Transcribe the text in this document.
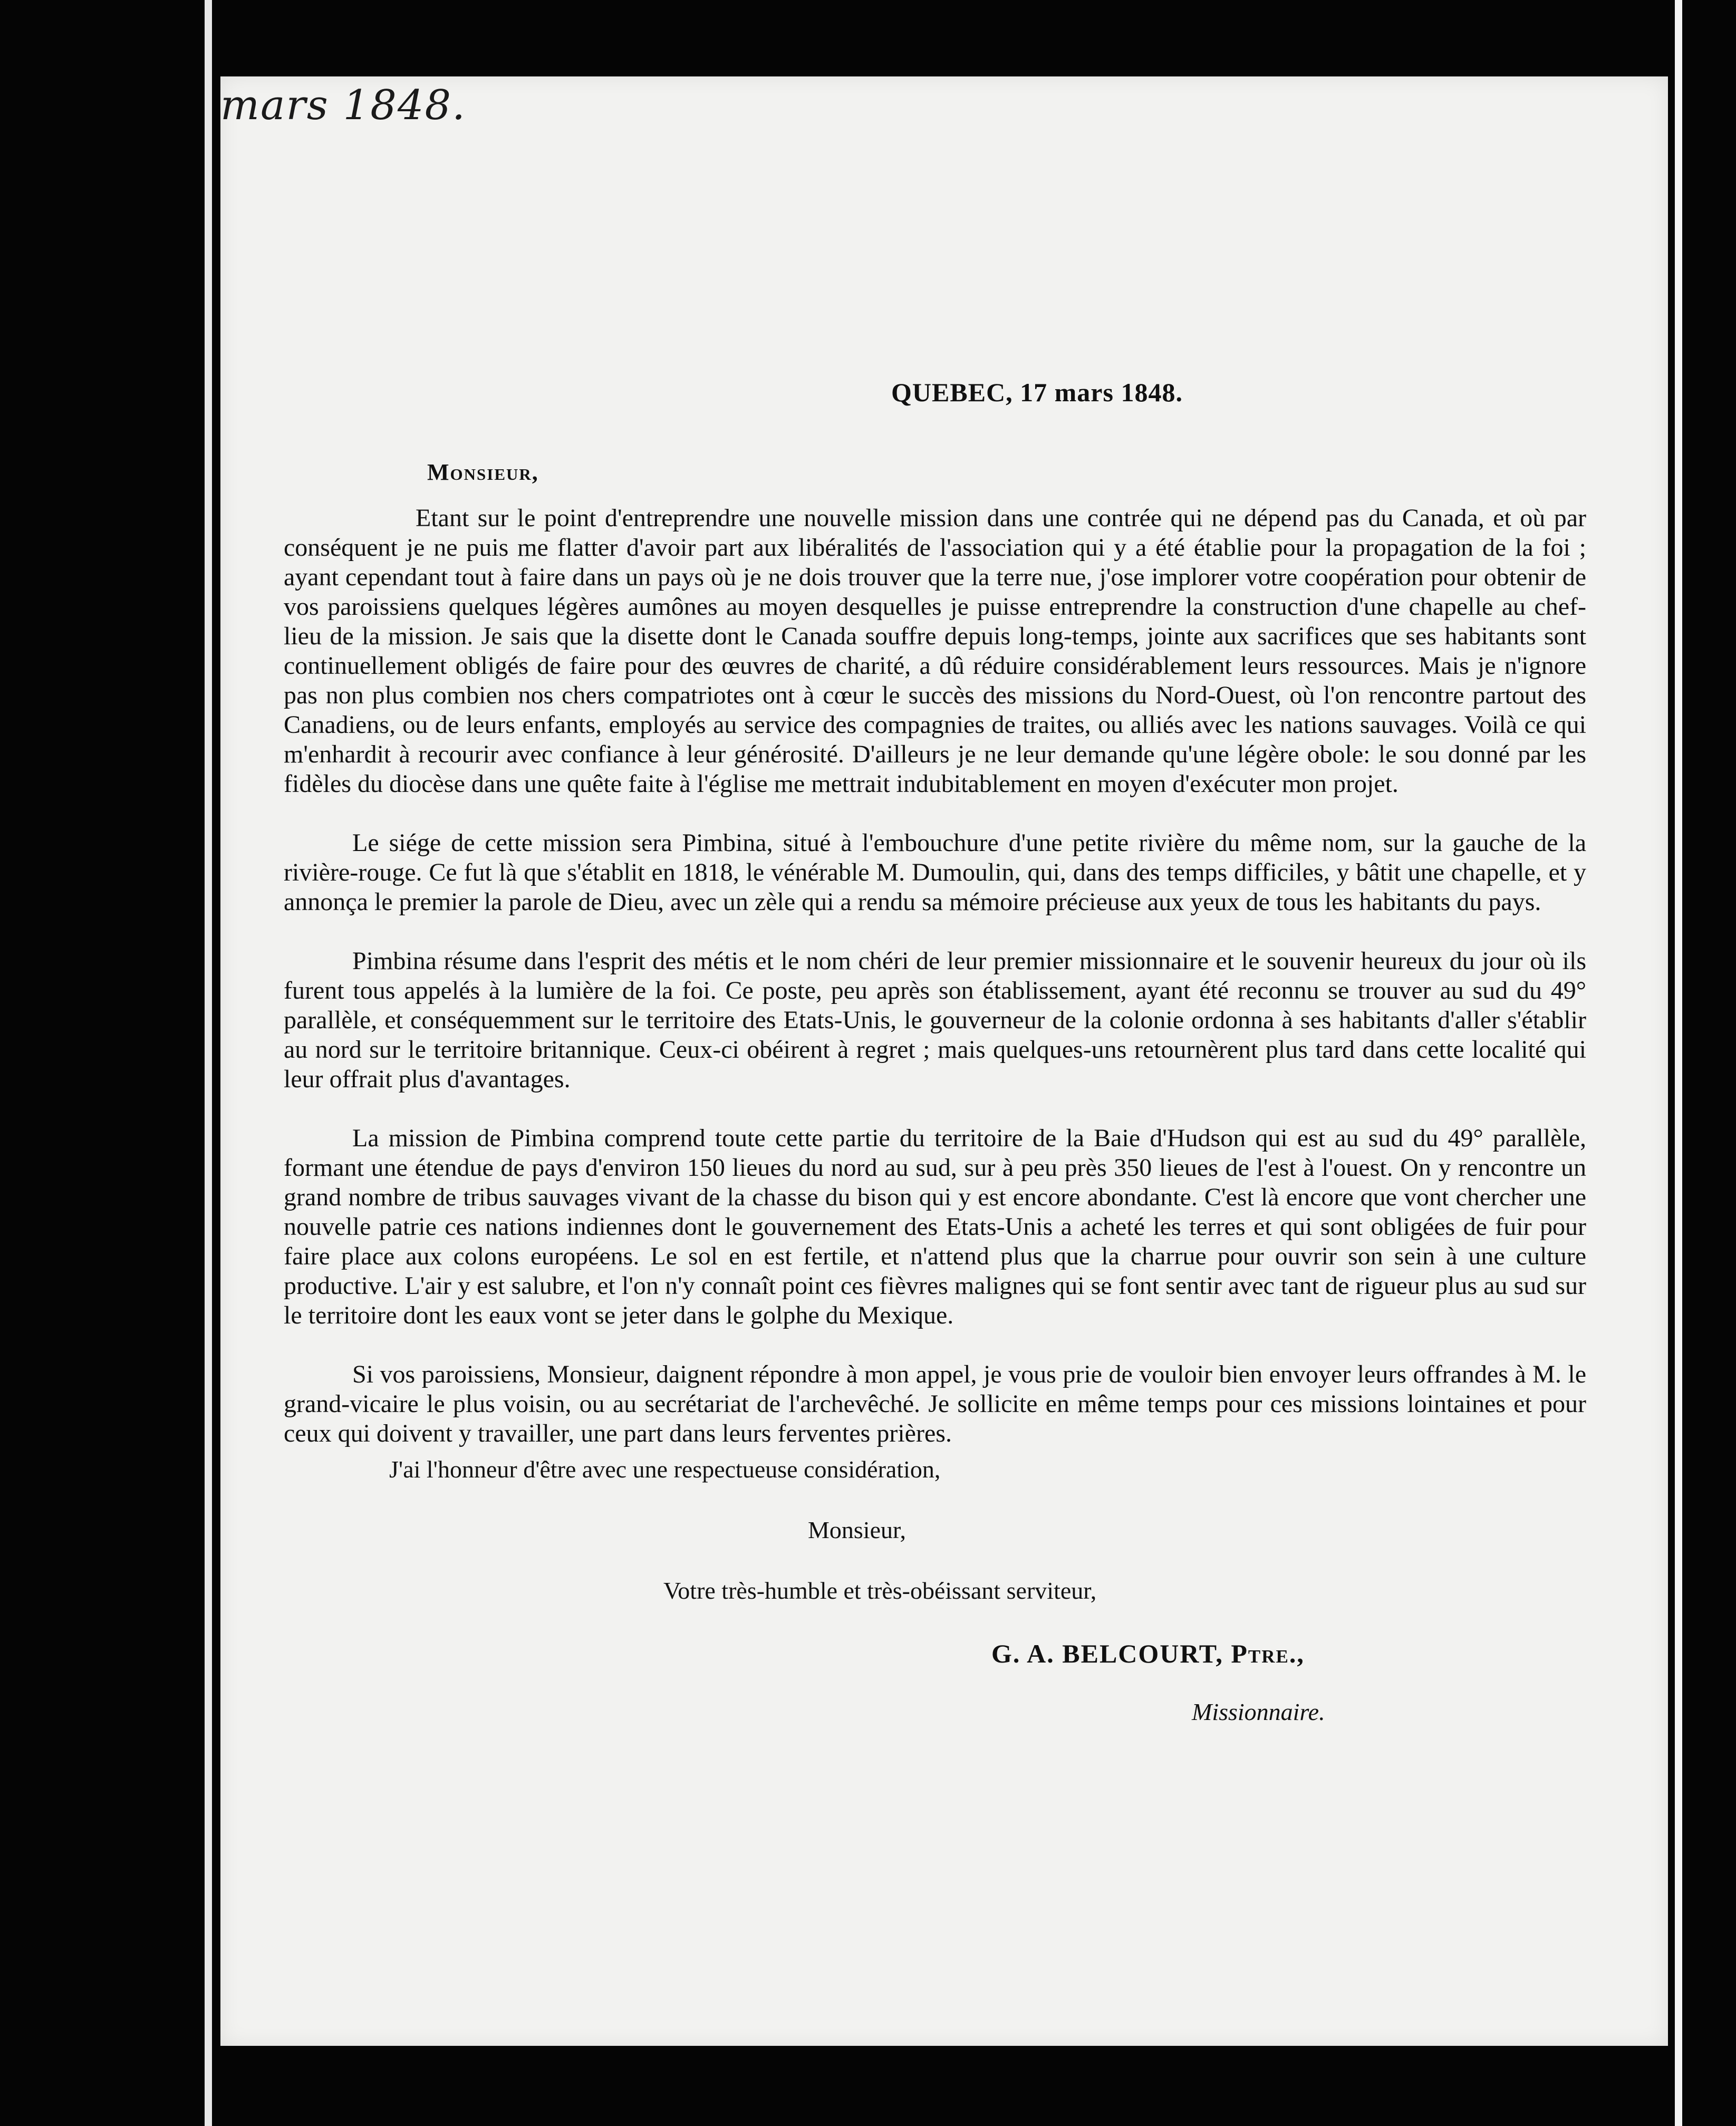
mars 1848.
QUEBEC, 17 mars 1848.
Monsieur,

Etant sur le point d'entreprendre une nouvelle mission dans une contrée qui ne dépend pas du Canada, et où par conséquent je ne puis me flatter d'avoir part aux libéralités de l'association qui y a été établie pour la propagation de la foi ; ayant cependant tout à faire dans un pays où je ne dois trouver que la terre nue, j'ose implorer votre coopération pour obtenir de vos paroissiens quelques légères aumônes au moyen desquelles je puisse entreprendre la construction d'une chapelle au chef-lieu de la mission. Je sais que la disette dont le Canada souffre depuis long-temps, jointe aux sacrifices que ses habitants sont continuellement obligés de faire pour des œuvres de charité, a dû réduire considérablement leurs ressources. Mais je n'ignore pas non plus combien nos chers compatriotes ont à cœur le succès des missions du Nord-Ouest, où l'on rencontre partout des Canadiens, ou de leurs enfants, employés au service des compagnies de traites, ou alliés avec les nations sauvages. Voilà ce qui m'enhardit à recourir avec confiance à leur générosité. D'ailleurs je ne leur demande qu'une légère obole: le sou donné par les fidèles du diocèse dans une quête faite à l'église me mettrait indubitablement en moyen d'exécuter mon projet.

Le siége de cette mission sera Pimbina, situé à l'embouchure d'une petite rivière du même nom, sur la gauche de la rivière-rouge. Ce fut là que s'établit en 1818, le vénérable M. Dumoulin, qui, dans des temps difficiles, y bâtit une chapelle, et y annonça le premier la parole de Dieu, avec un zèle qui a rendu sa mémoire précieuse aux yeux de tous les habitants du pays.

Pimbina résume dans l'esprit des métis et le nom chéri de leur premier missionnaire et le souvenir heureux du jour où ils furent tous appelés à la lumière de la foi. Ce poste, peu après son établissement, ayant été reconnu se trouver au sud du 49° parallèle, et conséquemment sur le territoire des Etats-Unis, le gouverneur de la colonie ordonna à ses habitants d'aller s'établir au nord sur le territoire britannique. Ceux-ci obéirent à regret ; mais quelques-uns retournèrent plus tard dans cette localité qui leur offrait plus d'avantages.

La mission de Pimbina comprend toute cette partie du territoire de la Baie d'Hudson qui est au sud du 49° parallèle, formant une étendue de pays d'environ 150 lieues du nord au sud, sur à peu près 350 lieues de l'est à l'ouest. On y rencontre un grand nombre de tribus sauvages vivant de la chasse du bison qui y est encore abondante. C'est là encore que vont chercher une nouvelle patrie ces nations indiennes dont le gouvernement des Etats-Unis a acheté les terres et qui sont obligées de fuir pour faire place aux colons européens. Le sol en est fertile, et n'attend plus que la charrue pour ouvrir son sein à une culture productive. L'air y est salubre, et l'on n'y connaît point ces fièvres malignes qui se font sentir avec tant de rigueur plus au sud sur le territoire dont les eaux vont se jeter dans le golphe du Mexique.

Si vos paroissiens, Monsieur, daignent répondre à mon appel, je vous prie de vouloir bien envoyer leurs offrandes à M. le grand-vicaire le plus voisin, ou au secrétariat de l'archevêché. Je sollicite en même temps pour ces missions lointaines et pour ceux qui doivent y travailler, une part dans leurs ferventes prières.

J'ai l'honneur d'être avec une respectueuse considération,
Monsieur,
Votre très-humble et très-obéissant serviteur,
G. A. BELCOURT, Ptre.,
Missionnaire.
